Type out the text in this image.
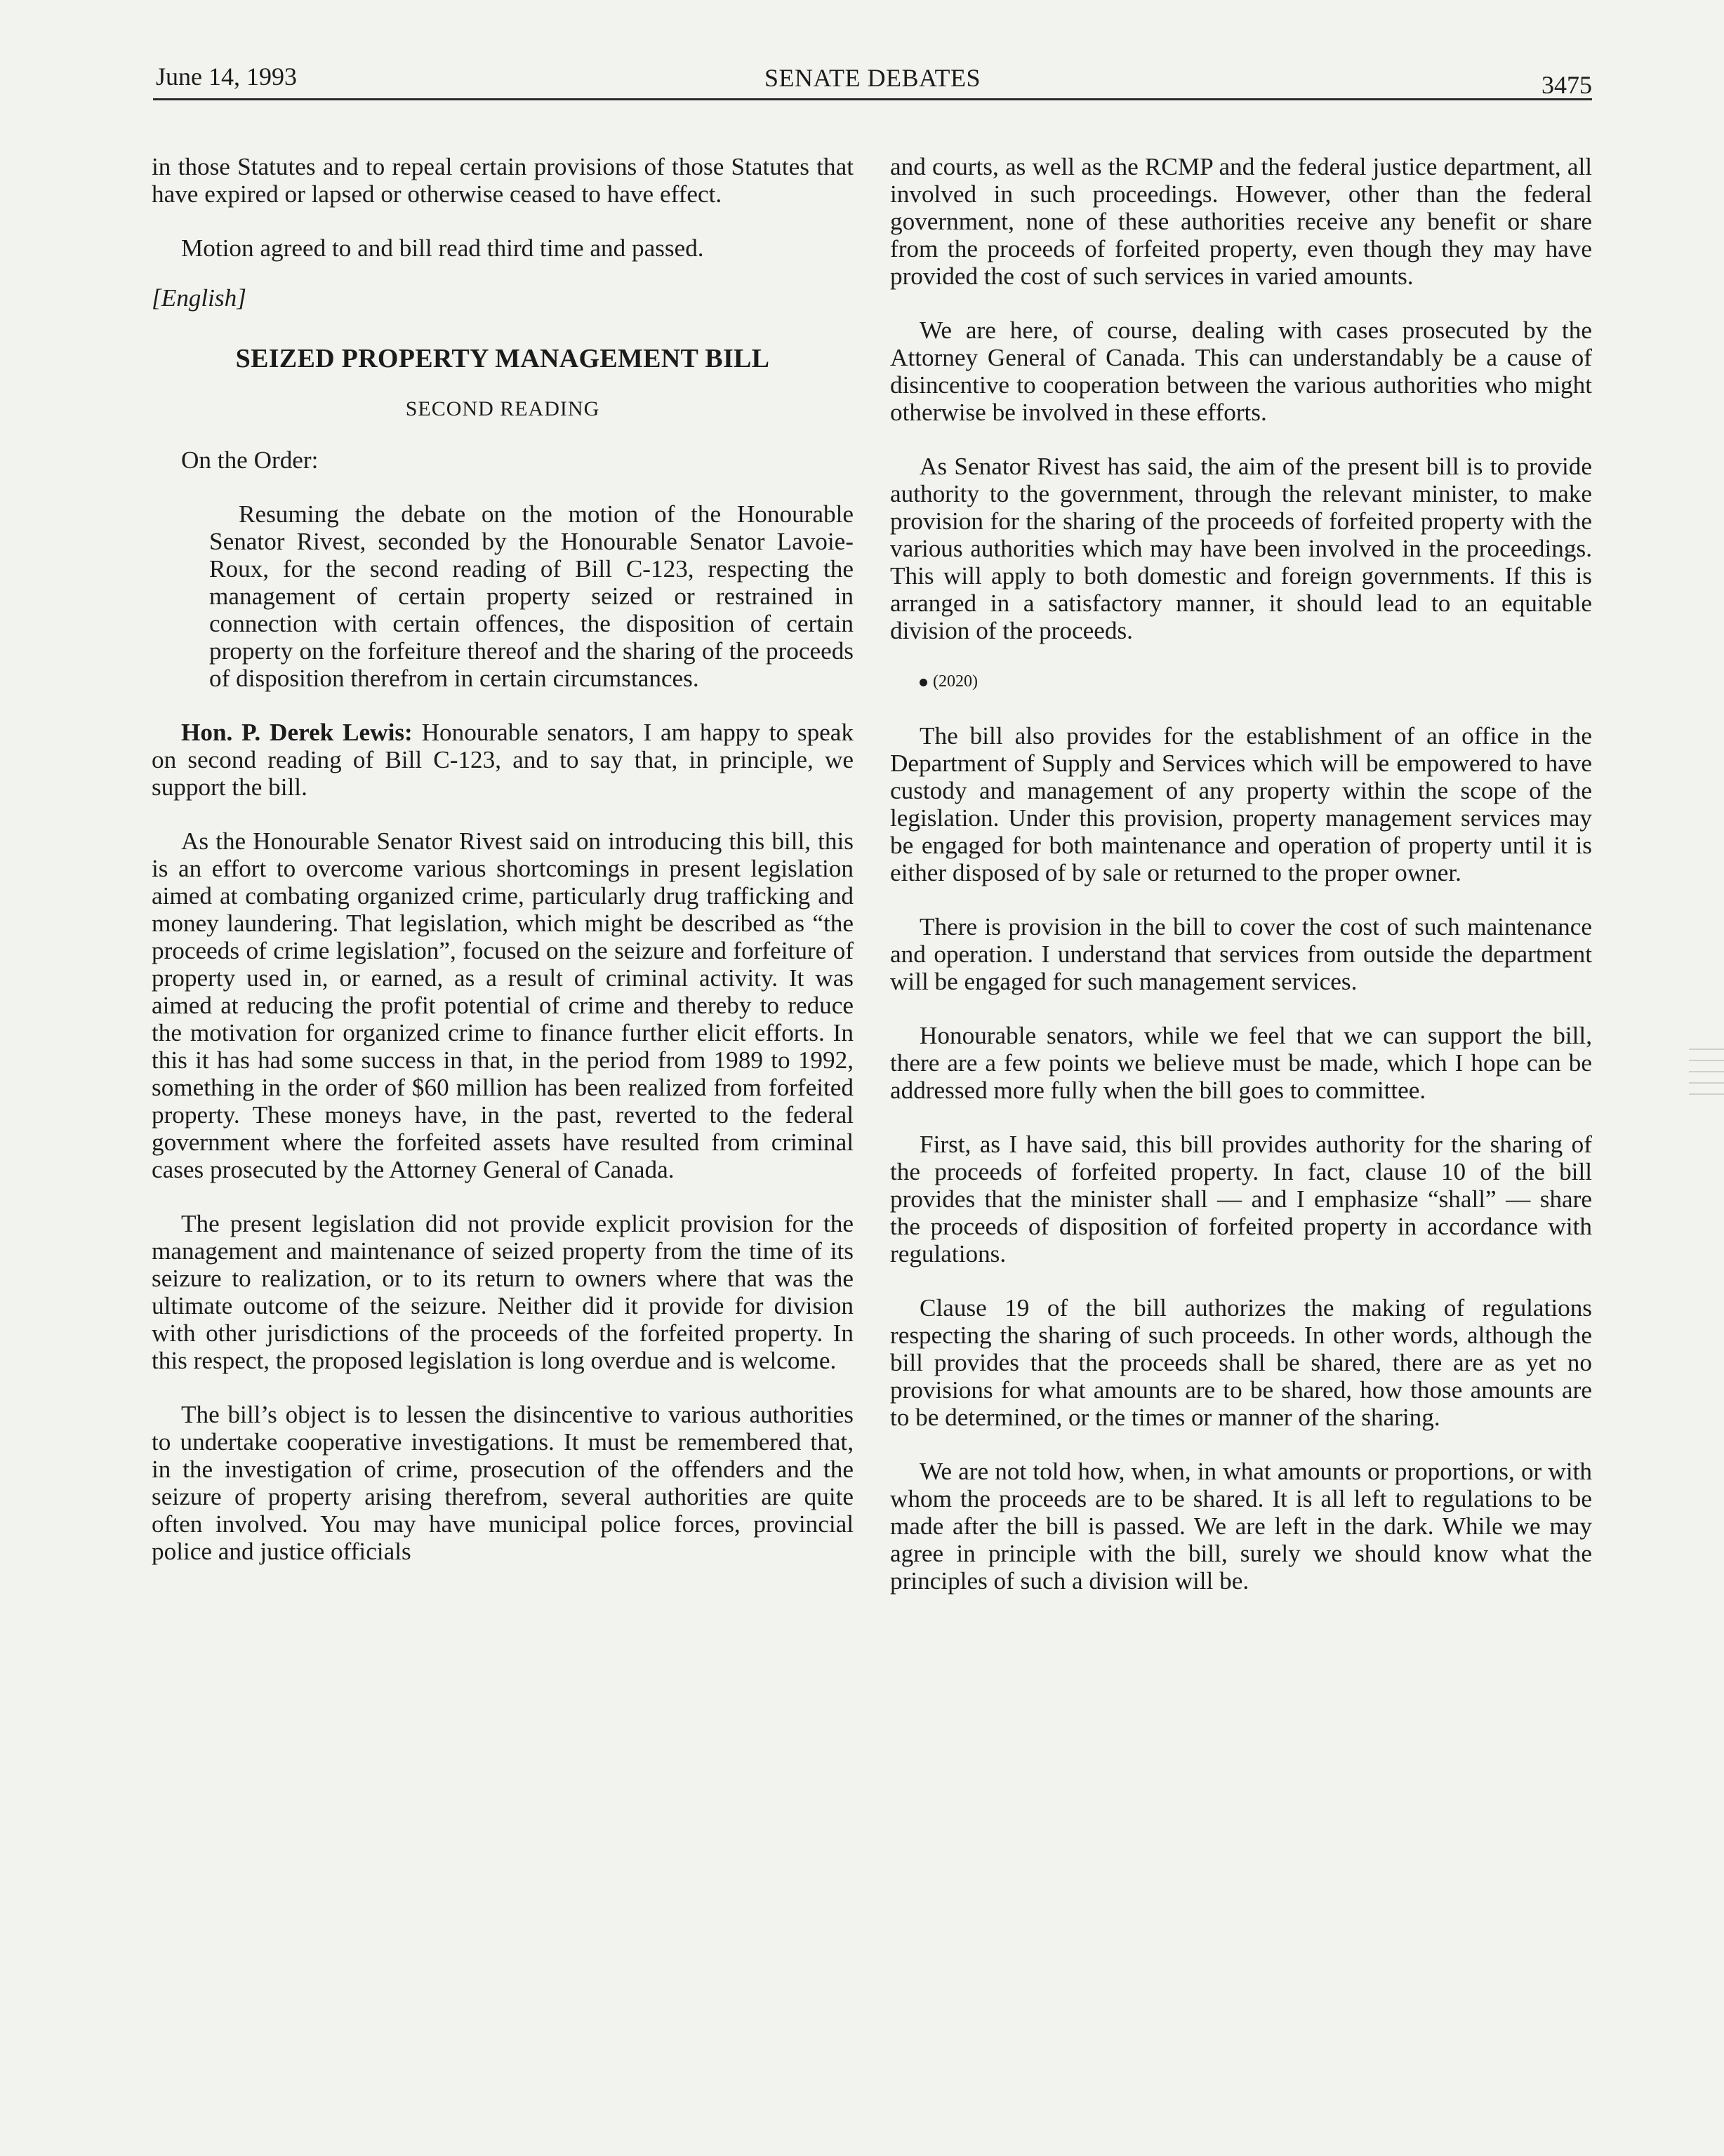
June 14, 1993	SENATE DEBATES	3475

in those Statutes and to repeal certain provisions of those Statutes that have expired or lapsed or otherwise ceased to have effect.

Motion agreed to and bill read third time and passed.

[English]

SEIZED PROPERTY MANAGEMENT BILL
SECOND READING

On the Order:

Resuming the debate on the motion of the Honourable Senator Rivest, seconded by the Honourable Senator Lavoie-Roux, for the second reading of Bill C-123, respecting the management of certain property seized or restrained in connection with certain offences, the disposition of certain property on the forfeiture thereof and the sharing of the proceeds of disposition therefrom in certain circumstances.

Hon. P. Derek Lewis: Honourable senators, I am happy to speak on second reading of Bill C-123, and to say that, in principle, we support the bill.

As the Honourable Senator Rivest said on introducing this bill, this is an effort to overcome various shortcomings in present legislation aimed at combating organized crime, particularly drug trafficking and money laundering. That legislation, which might be described as “the proceeds of crime legislation”, focused on the seizure and forfeiture of property used in, or earned, as a result of criminal activity. It was aimed at reducing the profit potential of crime and thereby to reduce the motivation for organized crime to finance further elicit efforts. In this it has had some success in that, in the period from 1989 to 1992, something in the order of $60 million has been realized from forfeited property. These moneys have, in the past, reverted to the federal government where the forfeited assets have resulted from criminal cases prosecuted by the Attorney General of Canada.

The present legislation did not provide explicit provision for the management and maintenance of seized property from the time of its seizure to realization, or to its return to owners where that was the ultimate outcome of the seizure. Neither did it provide for division with other jurisdictions of the proceeds of the forfeited property. In this respect, the proposed legislation is long overdue and is welcome.

The bill’s object is to lessen the disincentive to various authorities to undertake cooperative investigations. It must be remembered that, in the investigation of crime, prosecution of the offenders and the seizure of property arising therefrom, several authorities are quite often involved. You may have municipal police forces, provincial police and justice officials

and courts, as well as the RCMP and the federal justice department, all involved in such proceedings. However, other than the federal government, none of these authorities receive any benefit or share from the proceeds of forfeited property, even though they may have provided the cost of such services in varied amounts.

We are here, of course, dealing with cases prosecuted by the Attorney General of Canada. This can understandably be a cause of disincentive to cooperation between the various authorities who might otherwise be involved in these efforts.

As Senator Rivest has said, the aim of the present bill is to provide authority to the government, through the relevant minister, to make provision for the sharing of the proceeds of forfeited property with the various authorities which may have been involved in the proceedings. This will apply to both domestic and foreign governments. If this is arranged in a satisfactory manner, it should lead to an equitable division of the proceeds.

(2020)

The bill also provides for the establishment of an office in the Department of Supply and Services which will be empowered to have custody and management of any property within the scope of the legislation. Under this provision, property management services may be engaged for both maintenance and operation of property until it is either disposed of by sale or returned to the proper owner.

There is provision in the bill to cover the cost of such maintenance and operation. I understand that services from outside the department will be engaged for such management services.

Honourable senators, while we feel that we can support the bill, there are a few points we believe must be made, which I hope can be addressed more fully when the bill goes to committee.

First, as I have said, this bill provides authority for the sharing of the proceeds of forfeited property. In fact, clause 10 of the bill provides that the minister shall — and I emphasize “shall” — share the proceeds of disposition of forfeited property in accordance with regulations.

Clause 19 of the bill authorizes the making of regulations respecting the sharing of such proceeds. In other words, although the bill provides that the proceeds shall be shared, there are as yet no provisions for what amounts are to be shared, how those amounts are to be determined, or the times or manner of the sharing.

We are not told how, when, in what amounts or proportions, or with whom the proceeds are to be shared. It is all left to regulations to be made after the bill is passed. We are left in the dark. While we may agree in principle with the bill, surely we should know what the principles of such a division will be.
